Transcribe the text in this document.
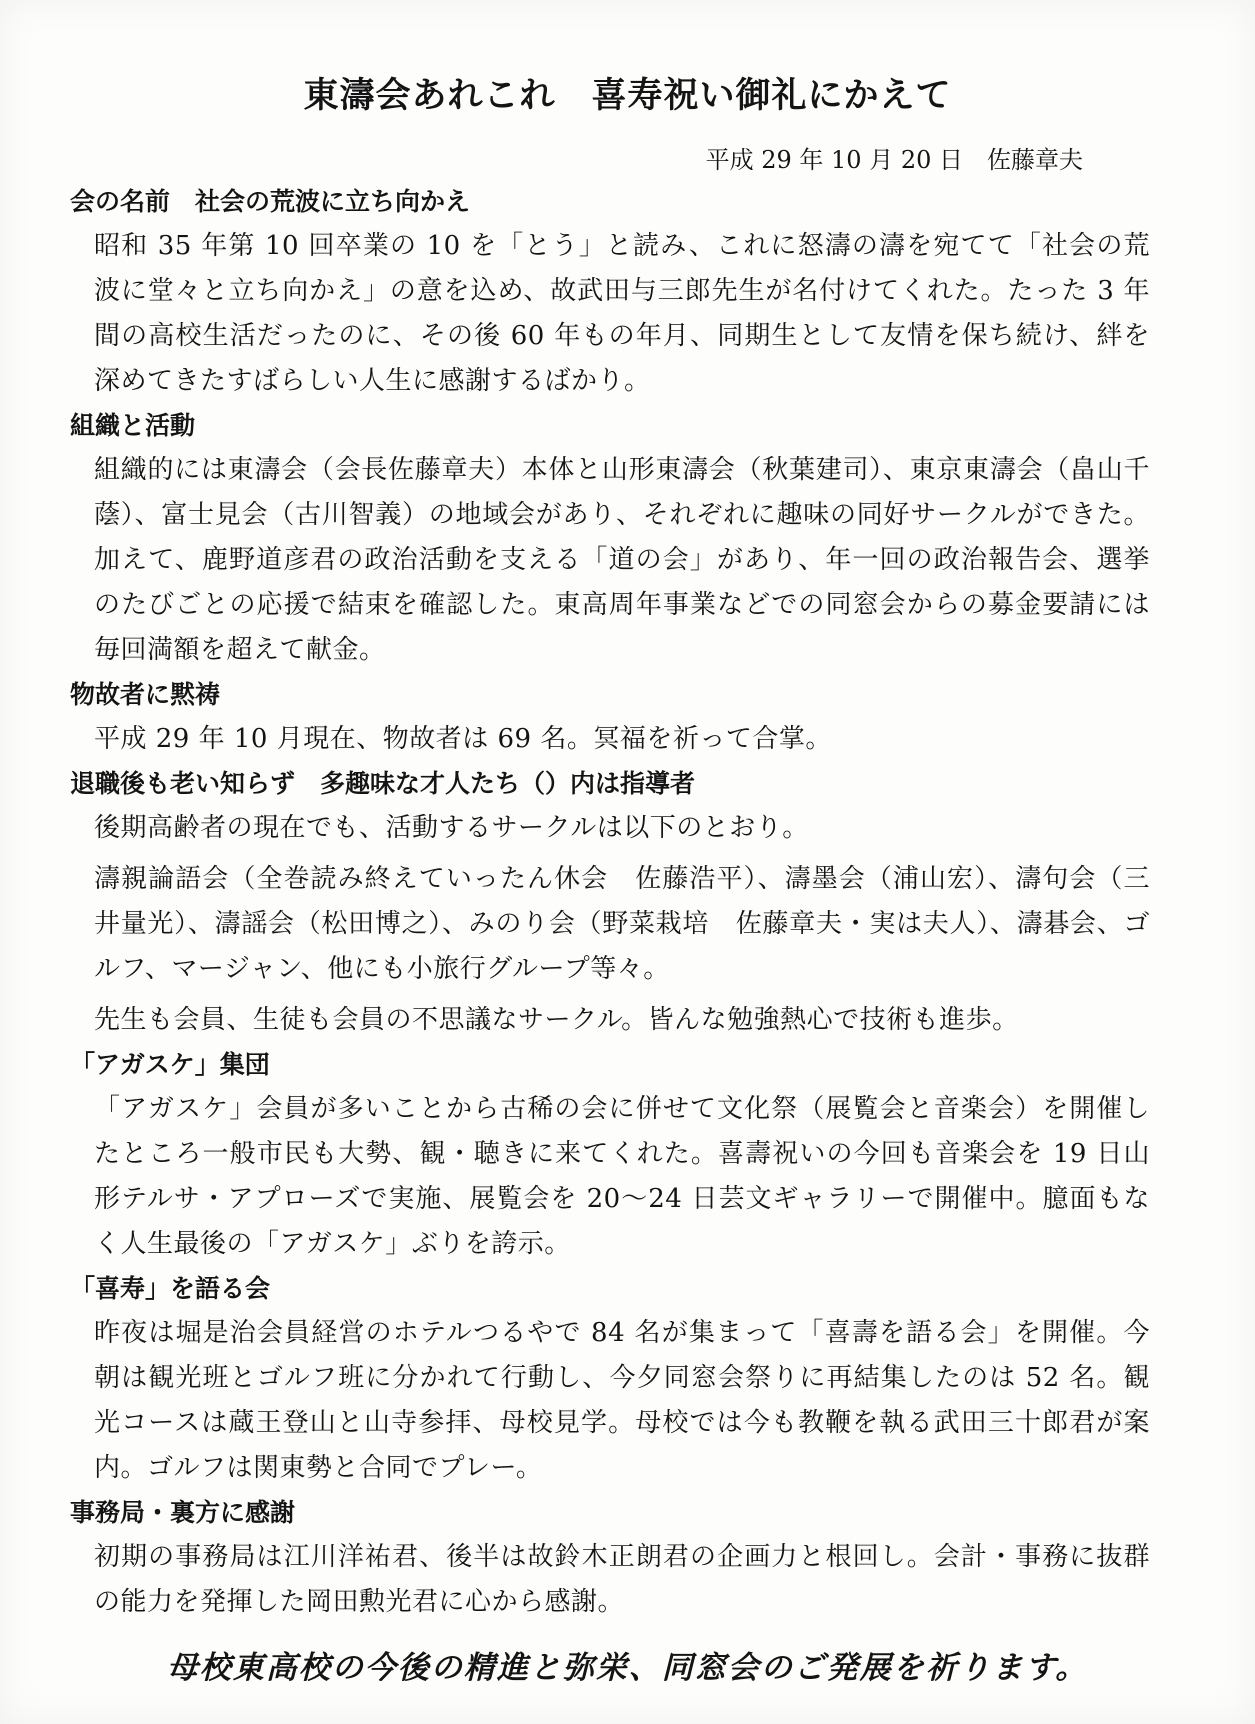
東濤会あれこれ　喜寿祝い御礼にかえて

平成 29 年 10 月 20 日　佐藤章夫

会の名前　社会の荒波に立ち向かえ

昭和 35 年第 10 回卒業の 10 を「とう」と読み、これに怒濤の濤を宛てて「社会の荒波に堂々と立ち向かえ」の意を込め、故武田与三郎先生が名付けてくれた。たった 3 年間の高校生活だったのに、その後 60 年もの年月、同期生として友情を保ち続け、絆を深めてきたすばらしい人生に感謝するばかり。

組織と活動

組織的には東濤会（会長佐藤章夫）本体と山形東濤会（秋葉建司）、東京東濤会（畠山千蔭）、富士見会（古川智義）の地域会があり、それぞれに趣味の同好サークルができた。加えて、鹿野道彦君の政治活動を支える「道の会」があり、年一回の政治報告会、選挙のたびごとの応援で結束を確認した。東高周年事業などでの同窓会からの募金要請には毎回満額を超えて献金。

物故者に黙祷

平成 29 年 10 月現在、物故者は 69 名。冥福を祈って合掌。

退職後も老い知らず　多趣味な才人たち（）内は指導者

後期高齢者の現在でも、活動するサークルは以下のとおり。

濤親論語会（全巻読み終えていったん休会　佐藤浩平）、濤墨会（浦山宏）、濤句会（三井量光）、濤謡会（松田博之）、みのり会（野菜栽培　佐藤章夫・実は夫人）、濤碁会、ゴルフ、マージャン、他にも小旅行グループ等々。

先生も会員、生徒も会員の不思議なサークル。皆んな勉強熱心で技術も進歩。

「アガスケ」集団

「アガスケ」会員が多いことから古稀の会に併せて文化祭（展覧会と音楽会）を開催したところ一般市民も大勢、観・聴きに来てくれた。喜壽祝いの今回も音楽会を 19 日山形テルサ・アプローズで実施、展覧会を 20～24 日芸文ギャラリーで開催中。臆面もなく人生最後の「アガスケ」ぶりを誇示。

「喜寿」を語る会

昨夜は堀是治会員経営のホテルつるやで 84 名が集まって「喜壽を語る会」を開催。今朝は観光班とゴルフ班に分かれて行動し、今夕同窓会祭りに再結集したのは 52 名。観光コースは蔵王登山と山寺参拝、母校見学。母校では今も教鞭を執る武田三十郎君が案内。ゴルフは関東勢と合同でプレー。

事務局・裏方に感謝

初期の事務局は江川洋祐君、後半は故鈴木正朗君の企画力と根回し。会計・事務に抜群の能力を発揮した岡田勲光君に心から感謝。

母校東高校の今後の精進と弥栄、同窓会のご発展を祈ります。
